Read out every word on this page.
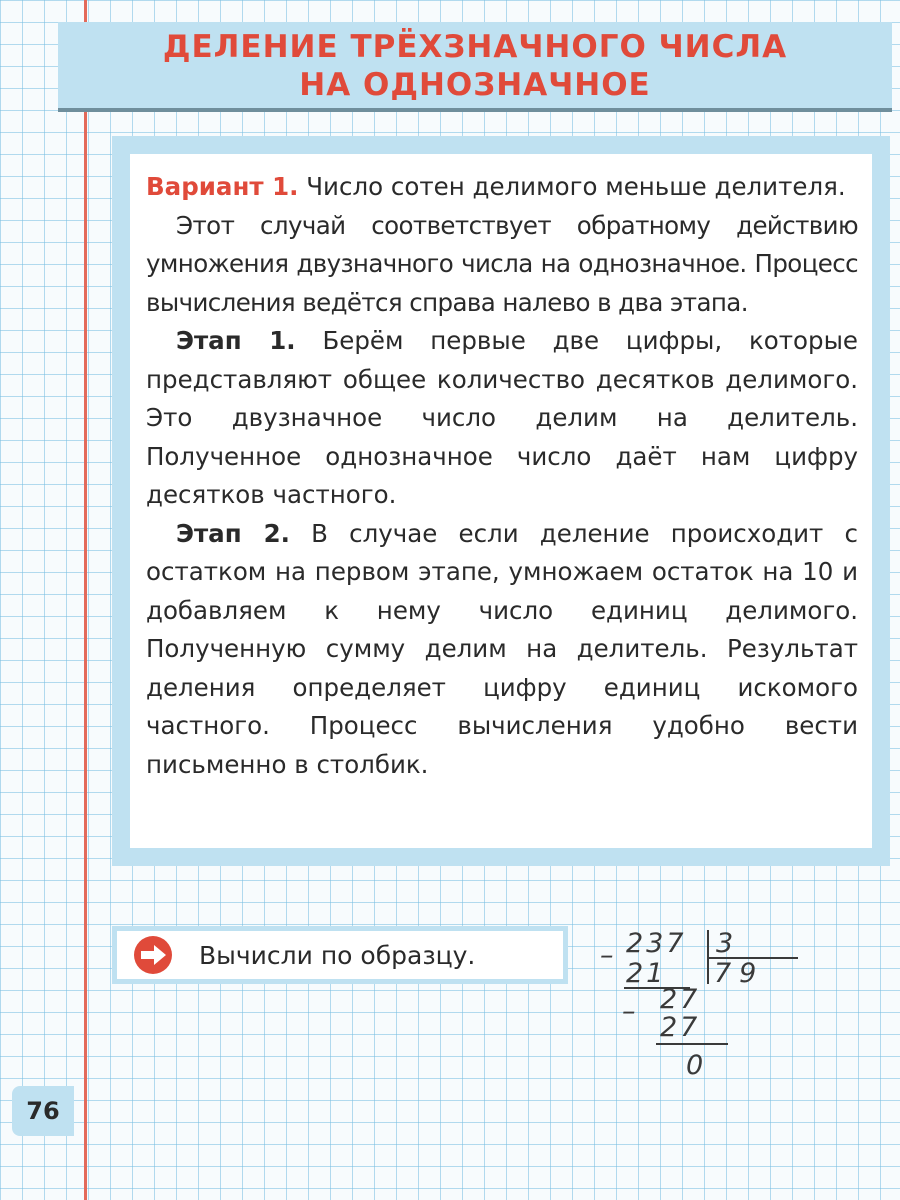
ДЕЛЕНИЕ ТРЁХЗНАЧНОГО ЧИСЛА
НА ОДНОЗНАЧНОЕ

Вариант 1. Число сотен делимого меньше делителя.

Этот случай соответствует обратному действию умножения двузначного числа на однозначное. Процесс вычисления ведётся справа налево в два этапа.

Этап 1. Берём первые две цифры, которые представляют общее количество десятков делимого. Это двузначное число делим на делитель. Полученное однозначное число даёт нам цифру десятков частного.

Этап 2. В случае если деление происходит с остатком на первом этапе, умножаем остаток на 10 и добавляем к нему число единиц делимого. Полученную сумму делим на делитель. Результат деления определяет цифру единиц искомого частного. Процесс вычисления удобно вести письменно в столбик.

Вычисли по образцу.	– 237 3
21 79
– 27
27
0
76
